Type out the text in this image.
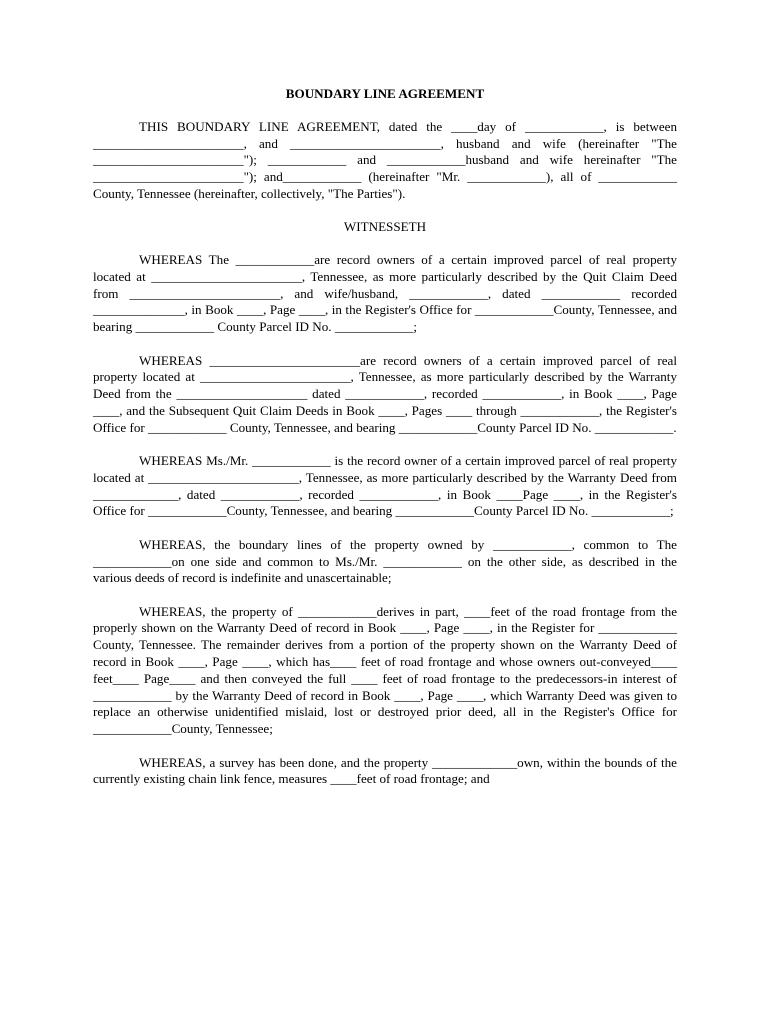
BOUNDARY LINE AGREEMENT

THIS BOUNDARY LINE AGREEMENT, dated the ____day of ____________, is between _______________________, and _______________________, husband and wife (hereinafter "The _______________________"); ____________ and ____________husband and wife hereinafter "The _______________________"); and____________ (hereinafter "Mr. ____________), all of ____________ County, Tennessee (hereinafter, collectively, "The Parties").

WITNESSETH

WHEREAS The ____________are record owners of a certain improved parcel of real property located at _______________________, Tennessee, as more particularly described by the Quit Claim Deed from _______________________, and wife/husband, ____________, dated ____________ recorded ______________, in Book ____, Page ____, in the Register's Office for ____________County, Tennessee, and bearing ____________ County Parcel ID No. ____________;

WHEREAS _______________________are record owners of a certain improved parcel of real property located at _______________________, Tennessee, as more particularly described by the Warranty Deed from the ____________________ dated ____________, recorded ____________, in Book ____, Page ____, and the Subsequent Quit Claim Deeds in Book ____, Pages ____ through ____________, the Register's Office for ____________ County, Tennessee, and bearing ____________County Parcel ID No. ____________.

WHEREAS Ms./Mr. ____________ is the record owner of a certain improved parcel of real property located at _______________________, Tennessee, as more particularly described by the Warranty Deed from _____________, dated ____________, recorded ____________, in Book ____Page ____, in the Register's Office for ____________County, Tennessee, and bearing ____________County Parcel ID No. ____________;

WHEREAS, the boundary lines of the property owned by ____________, common to The ____________on one side and common to Ms./Mr. ____________ on the other side, as described in the various deeds of record is indefinite and unascertainable;

WHEREAS, the property of ____________derives in part, ____feet of the road frontage from the properly shown on the Warranty Deed of record in Book ____, Page ____, in the Register for ____________ County, Tennessee. The remainder derives from a portion of the property shown on the Warranty Deed of record in Book ____, Page ____, which has____ feet of road frontage and whose owners out-conveyed____ feet____ Page____ and then conveyed the full ____ feet of road frontage to the predecessors-in interest of ____________ by the Warranty Deed of record in Book ____, Page ____, which Warranty Deed was given to replace an otherwise unidentified mislaid, lost or destroyed prior deed, all in the Register's Office for ____________County, Tennessee;

WHEREAS, a survey has been done, and the property _____________own, within the bounds of the currently existing chain link fence, measures ____feet of road frontage; and
